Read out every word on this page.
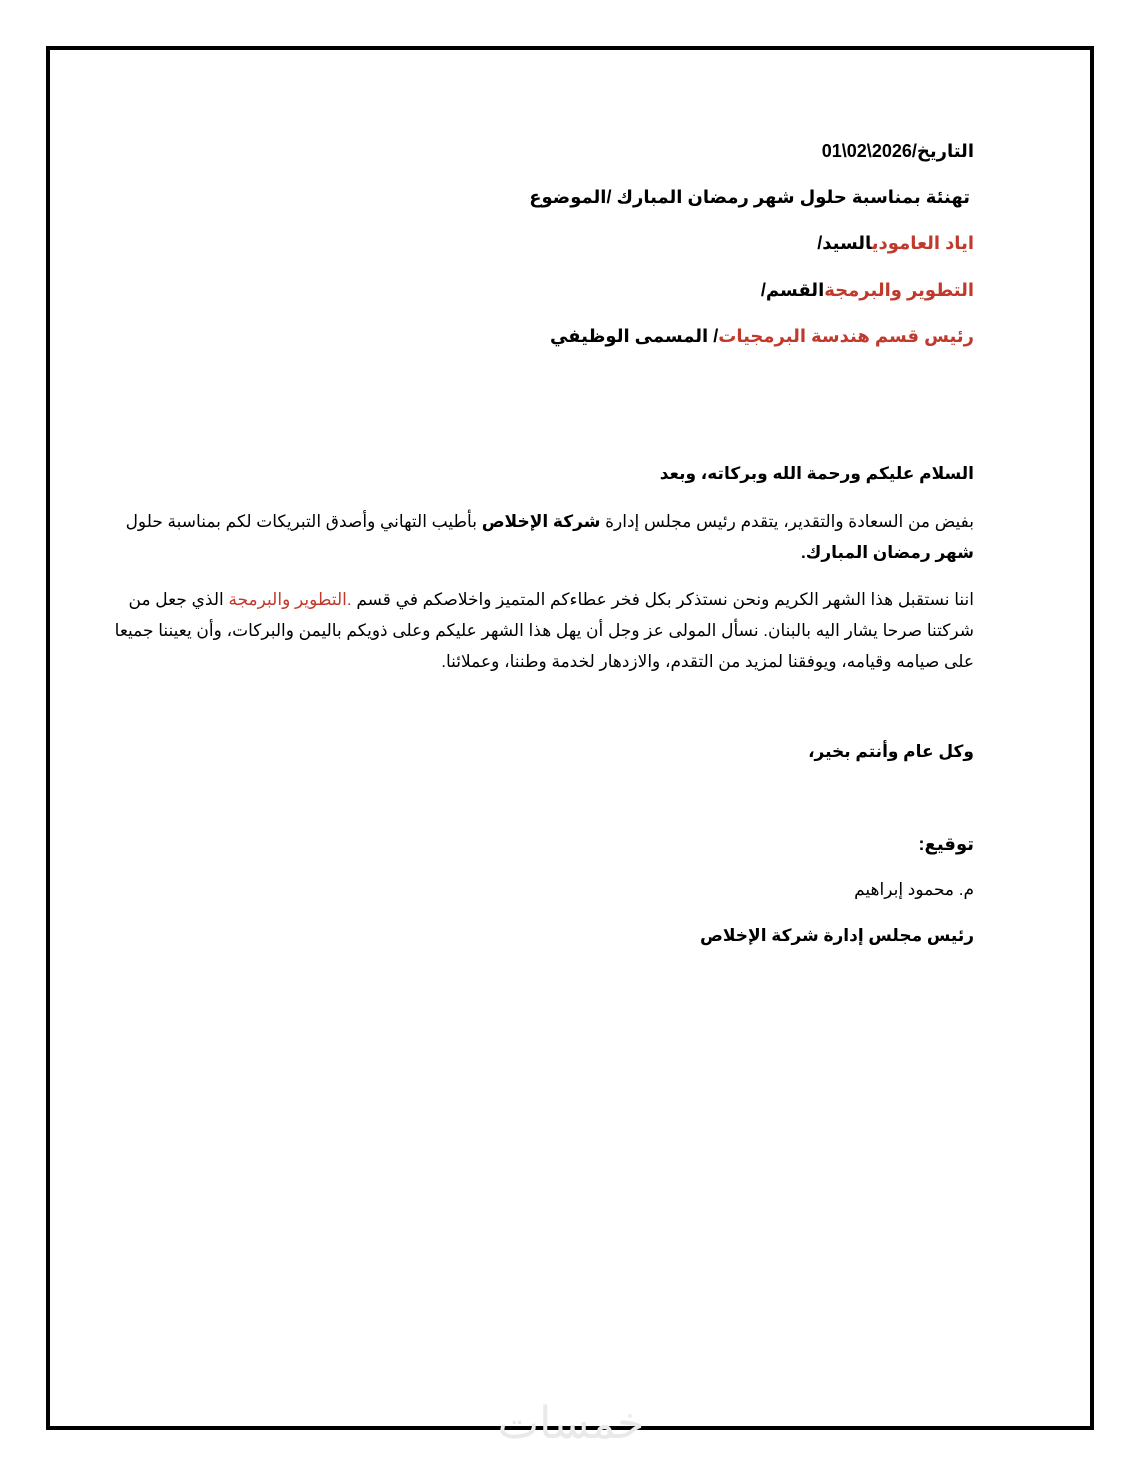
التاريخ/2026\02\01
تهنئة بمناسبة حلول شهر رمضان المبارك /الموضوع
اياد العاموديالسيد/
التطوير والبرمجةالقسم/
رئيس قسم هندسة البرمجيات/ المسمى الوظيفي
السلام عليكم ورحمة الله وبركاته، وبعد
بفيض من السعادة والتقدير، يتقدم رئيس مجلس إدارة شركة الإخلاص بأطيب التهاني وأصدق التبريكات لكم بمناسبة حلول شهر رمضان المبارك.
اننا نستقبل هذا الشهر الكريم ونحن نستذكر بكل فخر عطاءكم المتميز واخلاصكم في قسم .التطوير والبرمجة الذي جعل من شركتنا صرحا يشار اليه بالبنان. نسأل المولى عز وجل أن يهل هذا الشهر عليكم وعلى ذويكم باليمن والبركات، وأن يعيننا جميعا على صيامه وقيامه، ويوفقنا لمزيد من التقدم، والازدهار لخدمة وطننا، وعملائنا.
وكل عام وأنتم بخير،
توقيع:
م. محمود إبراهيم
رئيس مجلس إدارة شركة الإخلاص
خمسات
